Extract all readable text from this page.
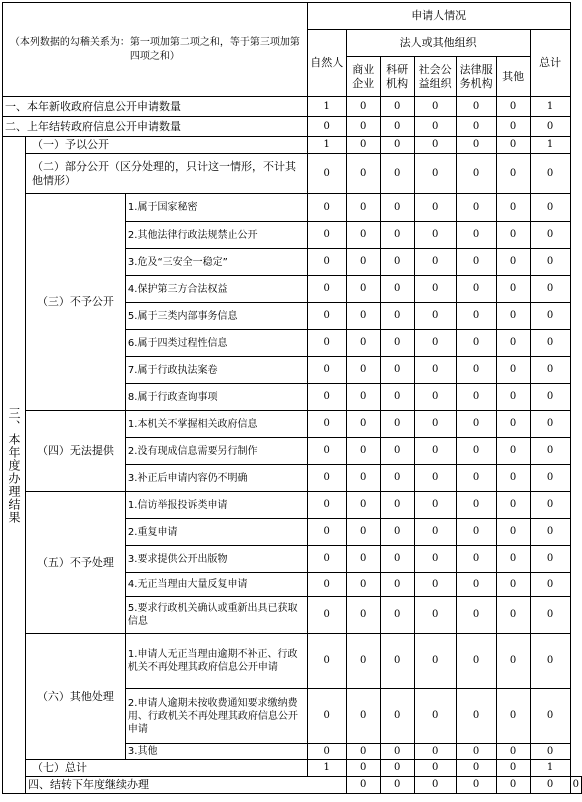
（本列数据的勾稽关系为：第一项加第二项之和，等于第三项加第四项之和）			申请人情况							
			自然人	法人或其他组织					总计	
				商业企业	科研机构	社会公益组织	法律服务机构	其他		
一、本年新收政府信息公开申请数量			1	0	0	0	0	0	1	
二、上年结转政府信息公开申请数量			0	0	0	0	0	0	0	
三、本年度办理结果	（一）予以公开		1	0	0	0	0	0	1	
	（二）部分公开（区分处理的，只计这一情形，不计其他情形）		0	0	0	0	0	0	0	
	（三）不予公开	1.属于国家秘密	0	0	0	0	0	0	0	
		2.其他法律行政法规禁止公开	0	0	0	0	0	0	0	
		3.危及“三安全一稳定”	0	0	0	0	0	0	0	
		4.保护第三方合法权益	0	0	0	0	0	0	0	
		5.属于三类内部事务信息	0	0	0	0	0	0	0	
		6.属于四类过程性信息	0	0	0	0	0	0	0	
		7.属于行政执法案卷	0	0	0	0	0	0	0	
		8.属于行政查询事项	0	0	0	0	0	0	0	
	（四）无法提供	1.本机关不掌握相关政府信息	0	0	0	0	0	0	0	
		2.没有现成信息需要另行制作	0	0	0	0	0	0	0	
		3.补正后申请内容仍不明确	0	0	0	0	0	0	0	
	（五）不予处理	1.信访举报投诉类申请	0	0	0	0	0	0	0	
		2.重复申请	0	0	0	0	0	0	0	
		3.要求提供公开出版物	0	0	0	0	0	0	0	
		4.无正当理由大量反复申请	0	0	0	0	0	0	0	
		5.要求行政机关确认或重新出具已获取信息	0	0	0	0	0	0	0	
	（六）其他处理	1.申请人无正当理由逾期不补正、行政机关不再处理其政府信息公开申请	0	0	0	0	0	0	0	
		2.申请人逾期未按收费通知要求缴纳费用、行政机关不再处理其政府信息公开申请	0	0	0	0	0	0	0	
		3.其他	0	0	0	0	0	0	0	
	（七）总计		1	0	0	0	0	0	1	
	四、结转下年度继续办理			0	0	0	0	0	0	0
